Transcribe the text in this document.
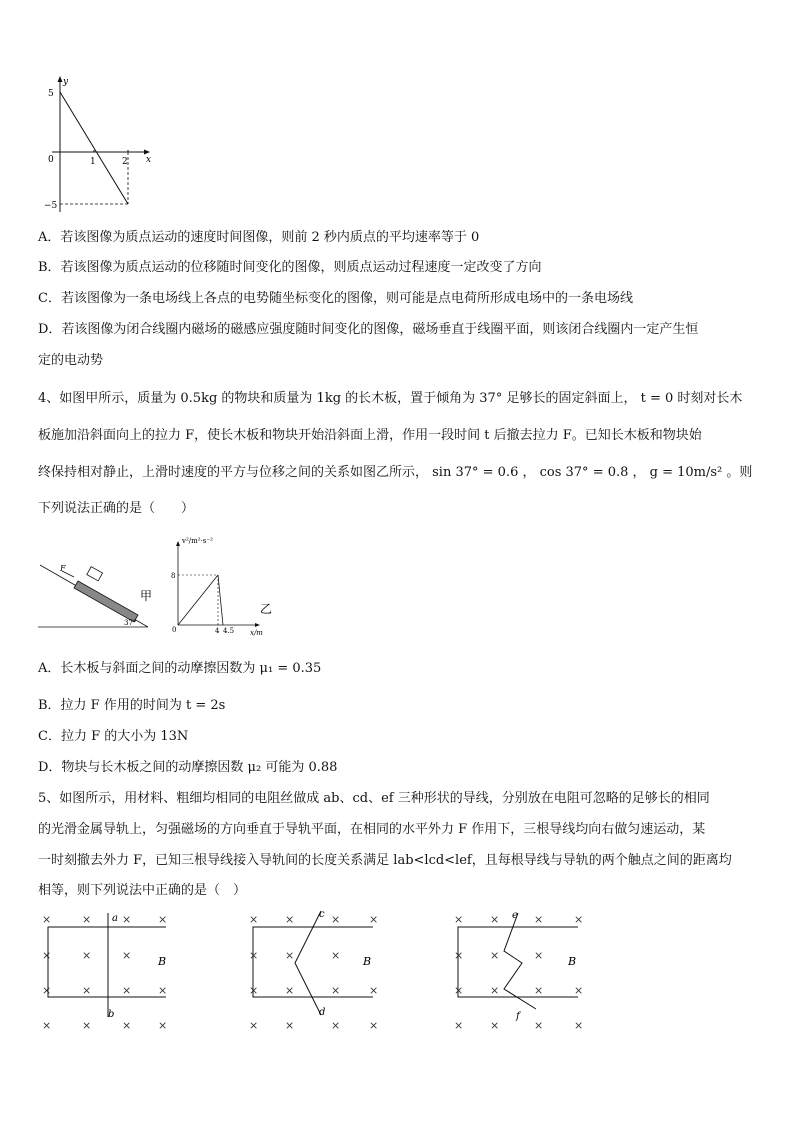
y
x
5
0	1	2
−5
A．若该图像为质点运动的速度时间图像，则前 2 秒内质点的平均速率等于 0
B．若该图像为质点运动的位移随时间变化的图像，则质点运动过程速度一定改变了方向
C．若该图像为一条电场线上各点的电势随坐标变化的图像，则可能是点电荷所形成电场中的一条电场线
D．若该图像为闭合线圈内磁场的磁感应强度随时间变化的图像，磁场垂直于线圈平面，则该闭合线圈内一定产生恒
定的电动势
4、如图甲所示，质量为 0.5kg 的物块和质量为 1kg 的长木板，置于倾角为 37° 足够长的固定斜面上， t = 0 时刻对长木
板施加沿斜面向上的拉力 F，使长木板和物块开始沿斜面上滑，作用一段时间 t 后撤去拉力 F。已知长木板和物块始
终保持相对静止，上滑时速度的平方与位移之间的关系如图乙所示， sin 37° = 0.6 ， cos 37° = 0.8 ， g = 10m/s² 。则
下列说法正确的是（　　）
F
37°
甲
v²/m²·s⁻²
8
0	4 4.5 x/m
乙
A．长木板与斜面之间的动摩擦因数为 μ₁ = 0.35
B．拉力 F 作用的时间为 t = 2s
C．拉力 F 的大小为 13N
D．物块与长木板之间的动摩擦因数 μ₂ 可能为 0.88
5、如图所示，用材料、粗细均相同的电阻丝做成 ab、cd、ef 三种形状的导线，分别放在电阻可忽略的足够长的相同
的光滑金属导轨上，匀强磁场的方向垂直于导轨平面，在相同的水平外力 F 作用下，三根导线均向右做匀速运动，某
一时刻撤去外力 F，已知三根导线接入导轨间的长度关系满足 lab<lcd<lef，且每根导线与导轨的两个触点之间的距离均
相等，则下列说法中正确的是（　）
×	×	× ×
×	×	×
×	×	× ×
×	×	× ×
a
b
B
× ×	×	×
× ×	×
× ×	×	×
× ×	×	×
c
d
B
× ×	×	×
× ×	×
× ×	×	×
× ×	×	×
e
f
B
